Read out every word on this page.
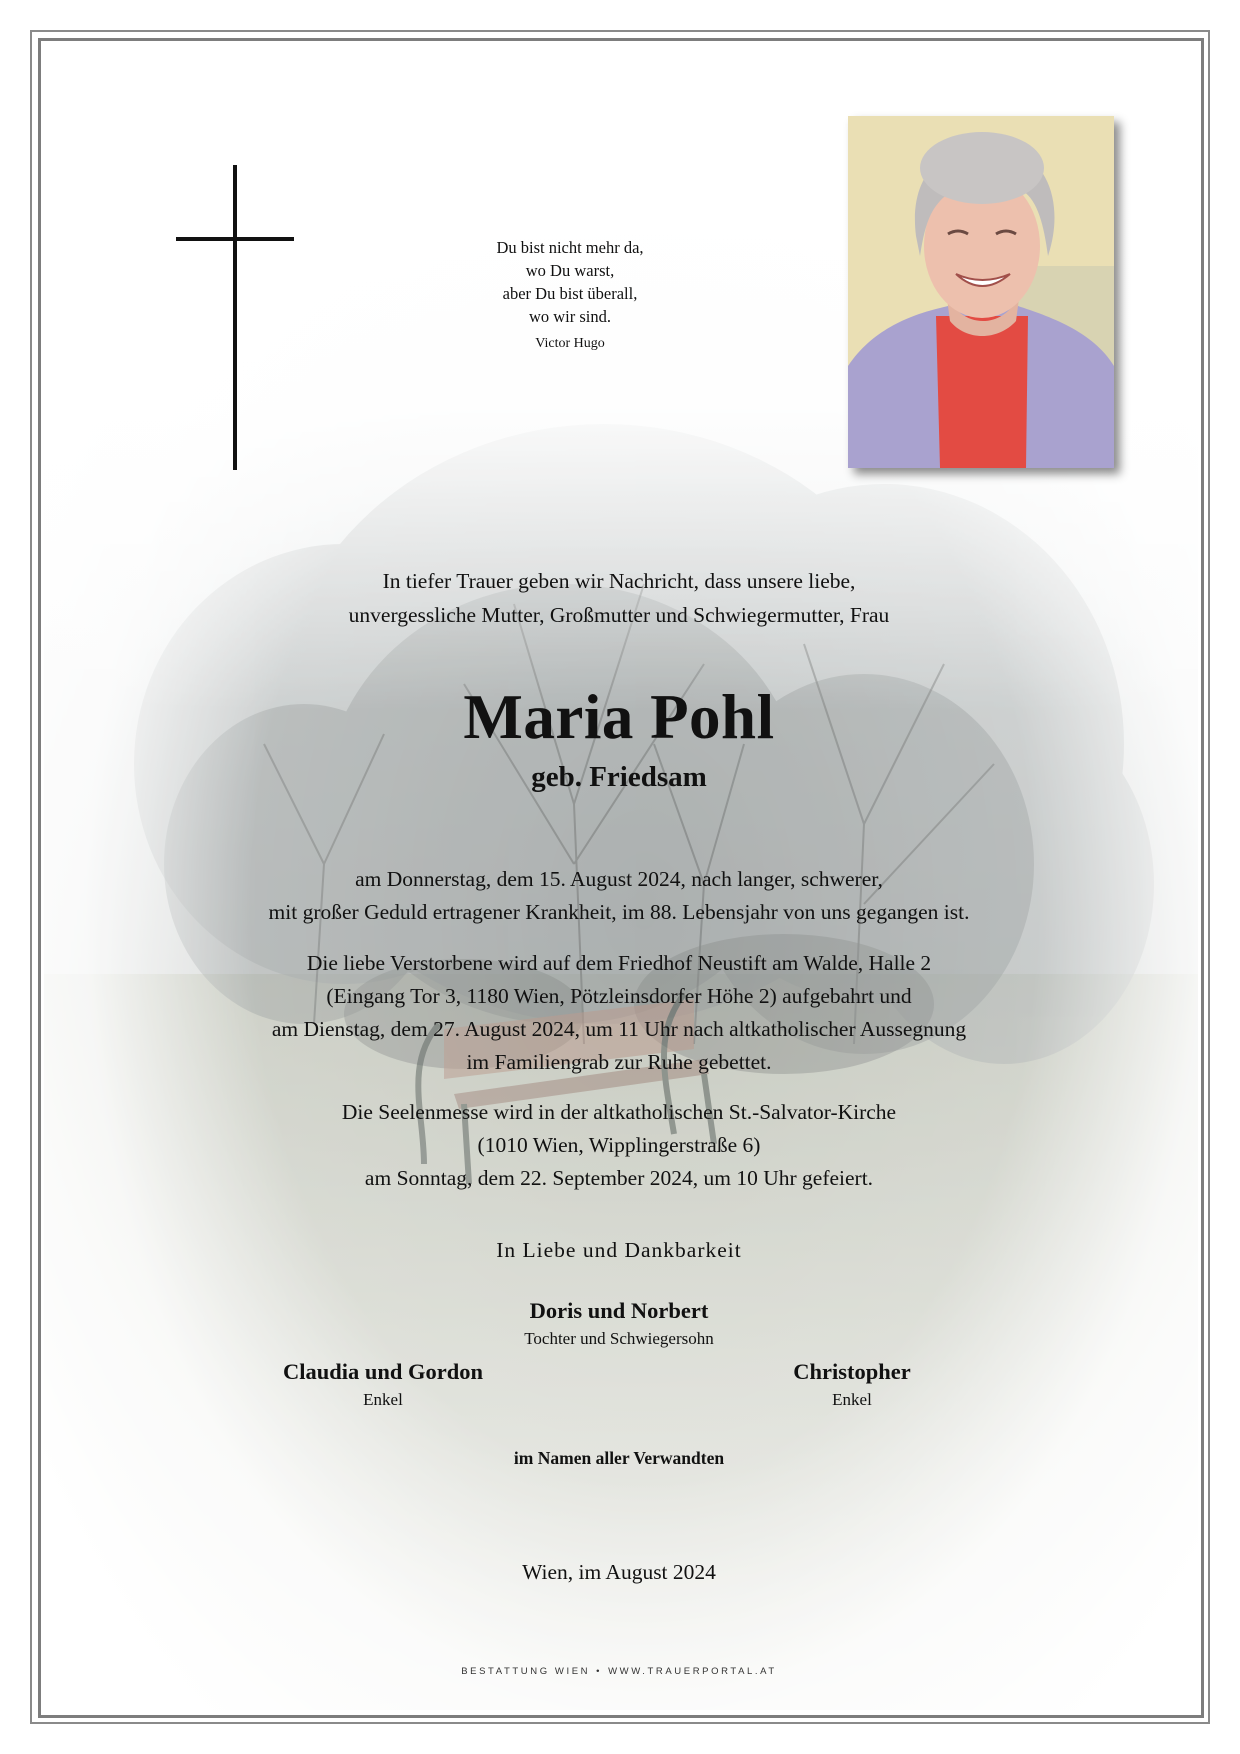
Du bist nicht mehr da,
wo Du warst,
aber Du bist überall,
wo wir sind.
Victor Hugo
In tiefer Trauer geben wir Nachricht, dass unsere liebe,
unvergessliche Mutter, Großmutter und Schwiegermutter, Frau
Maria Pohl
geb. Friedsam
am Donnerstag, dem 15. August 2024, nach langer, schwerer,
mit großer Geduld ertragener Krankheit, im 88. Lebensjahr von uns gegangen ist.
Die liebe Verstorbene wird auf dem Friedhof Neustift am Walde, Halle 2
(Eingang Tor 3, 1180 Wien, Pötzleinsdorfer Höhe 2) aufgebahrt und
am Dienstag, dem 27. August 2024, um 11 Uhr nach altkatholischer Aussegnung
im Familiengrab zur Ruhe gebettet.
Die Seelenmesse wird in der altkatholischen St.-Salvator-Kirche
(1010 Wien, Wipplingerstraße 6)
am Sonntag, dem 22. September 2024, um 10 Uhr gefeiert.
In Liebe und Dankbarkeit
Doris und Norbert
Tochter und Schwiegersohn
Claudia und Gordon
Enkel
Christopher
Enkel
im Namen aller Verwandten
Wien, im August 2024
BESTATTUNG WIEN • WWW.TRAUERPORTAL.AT
